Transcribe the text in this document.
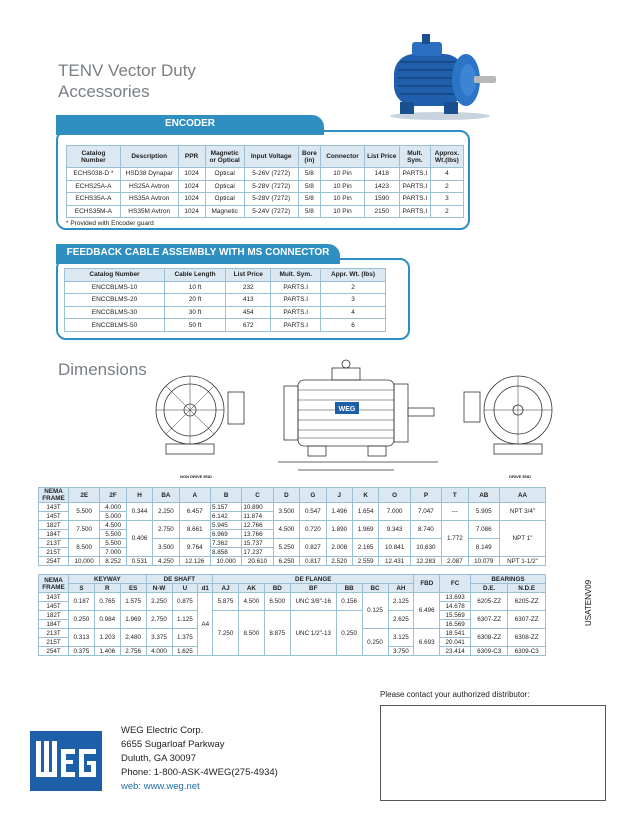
TENV Vector Duty
Accessories
ENCODER
Catalog Number	Description	PPR	Magnetic or Optical	Input Voltage	Bore (in)	Connector	List Price	Mult. Sym.	Approx. Wt.(lbs)
ECHS038-D *	HSD38 Dynapar	1024	Optical	5-26V (7272)	5/8	10 Pin	1418	PARTS.I	4
ECHS25A-A	HS25A Avtron	1024	Optical	5-28V (7272)	5/8	10 Pin	1423	PARTS.I	2
ECHS35A-A	HS35A Avtron	1024	Optical	5-28V (7272)	5/8	10 Pin	1590	PARTS.I	3
ECHS35M-A	HS35M Avtron	1024	Magnetic	5-24V (7272)	5/8	10 Pin	2150	PARTS.I	2
* Provided with Encoder guard
FEEDBACK CABLE ASSEMBLY WITH MS CONNECTOR
Catalog Number	Cable Length	List Price	Mult. Sym.	Appr. Wt. (lbs)
ENCCBLMS-10	10 ft	232	PARTS.I	2
ENCCBLMS-20	20 ft	413	PARTS.I	3
ENCCBLMS-30	30 ft	454	PARTS.I	4
ENCCBLMS-50	50 ft	672	PARTS.I	6
Dimensions
WEG
NON DRIVE END	DRIVE END
NEMA FRAME	2E	2F	H	BA	A	B	C	D	G	J	K	O	P	T	AB	AA
143T	5.500	4.000	0.344	2.250	6.457	5.157	10.890	3.500	0.547	1.496	1.654	7.000	7.047	---	5.905	NPT 3/4"
145T		5.000				6.142	11.874									
182T	7.500	4.500	0.406	2.750	8.661	5.945	12.766	4.500	0.720	1.890	1.969	9.343	8.740	1.772	7.086	NPT 1"
184T		5.500				6.969	13.766									
213T	8.500	5.500		3.500	9.764	7.362	15.737	5.250	0.827	2.008	2.165	10.841	10.630		8.149	
215T		7.000				8.858	17.237									
254T	10.000	8.252	0.531	4.250	12.126	10.000	20.610	6.250	0.817	2.520	2.559	12.431	12.283	2.087	10.079	NPT 1-1/2"
NEMA FRAME	KEYWAY			DE SHAFT			DE FLANGE							FBD	FC	BEARINGS	
	S	R	ES	N-W	U	d1	AJ	AK	BD	BF	BB	BC	AH			D.E.	N.D.E
143T	0.187	0.765	1.575	2.250	0.875	A4	5.875	4.500	6.500	UNC 3/8"-16	0.156	0.125	2.125	6.496	13.693	6205-ZZ	6205-ZZ
145T															14.678		
182T	0.250	0.984	1.969	2.750	1.125		7.250	8.500	8.875	UNC 1/2"-13	0.250		2.625		15.569	6307-ZZ	6307-ZZ
184T															16.569		
213T	0.313	1.203	2.480	3.375	1.375							0.250	3.125	6.693	18.541	6308-ZZ	6308-ZZ
215T															20.041		
254T	0.375	1.406	2.756	4.000	1.625								3.750		23.414	6309-C3	6309-C3
USATENV09
Please contact your authorized distributor:
WEG Electric Corp.
6655 Sugarloaf Parkway
Duluth, GA 30097
Phone: 1-800-ASK-4WEG(275-4934)
web: www.weg.net
